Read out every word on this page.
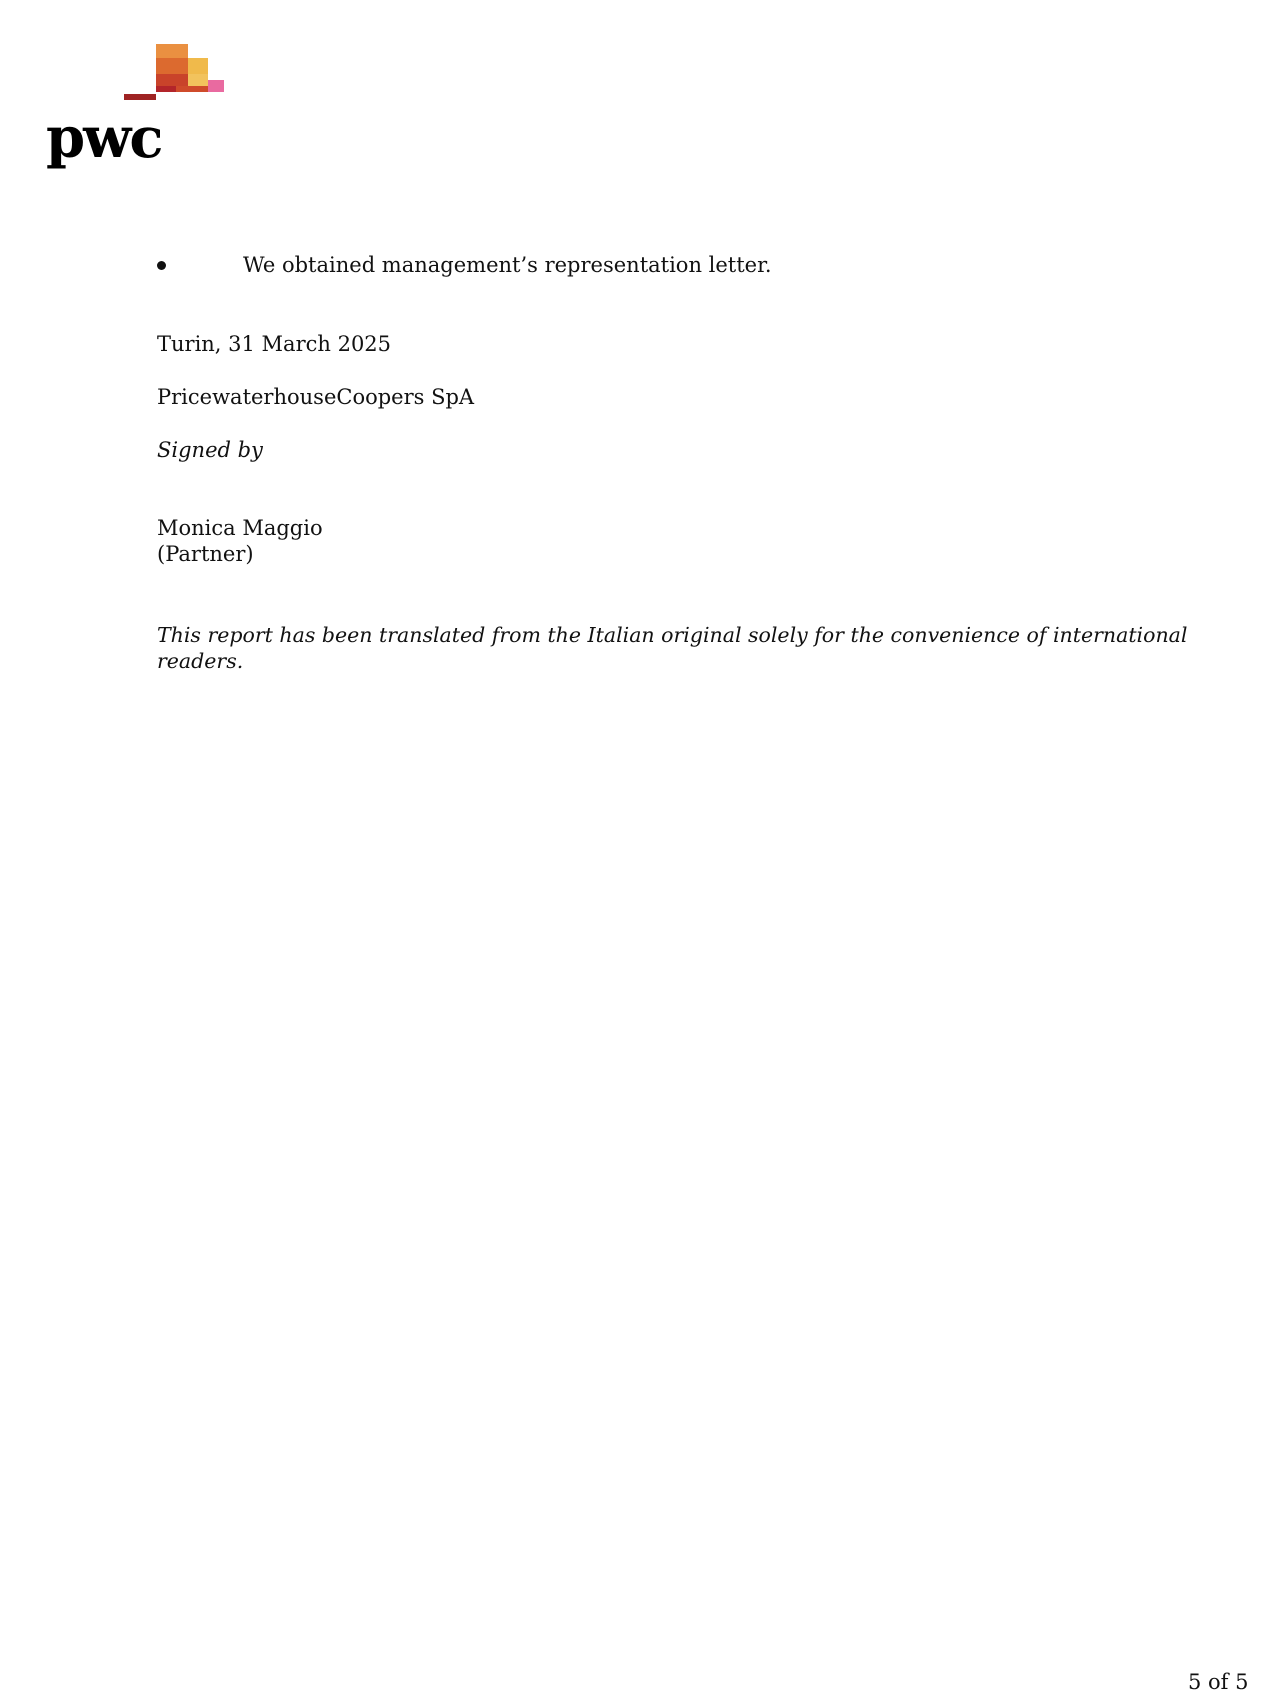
pwc
We obtained management’s representation letter.
Turin, 31 March 2025
PricewaterhouseCoopers SpA
Signed by
Monica Maggio
(Partner)
This report has been translated from the Italian original solely for the convenience of international readers.
5 of 5
